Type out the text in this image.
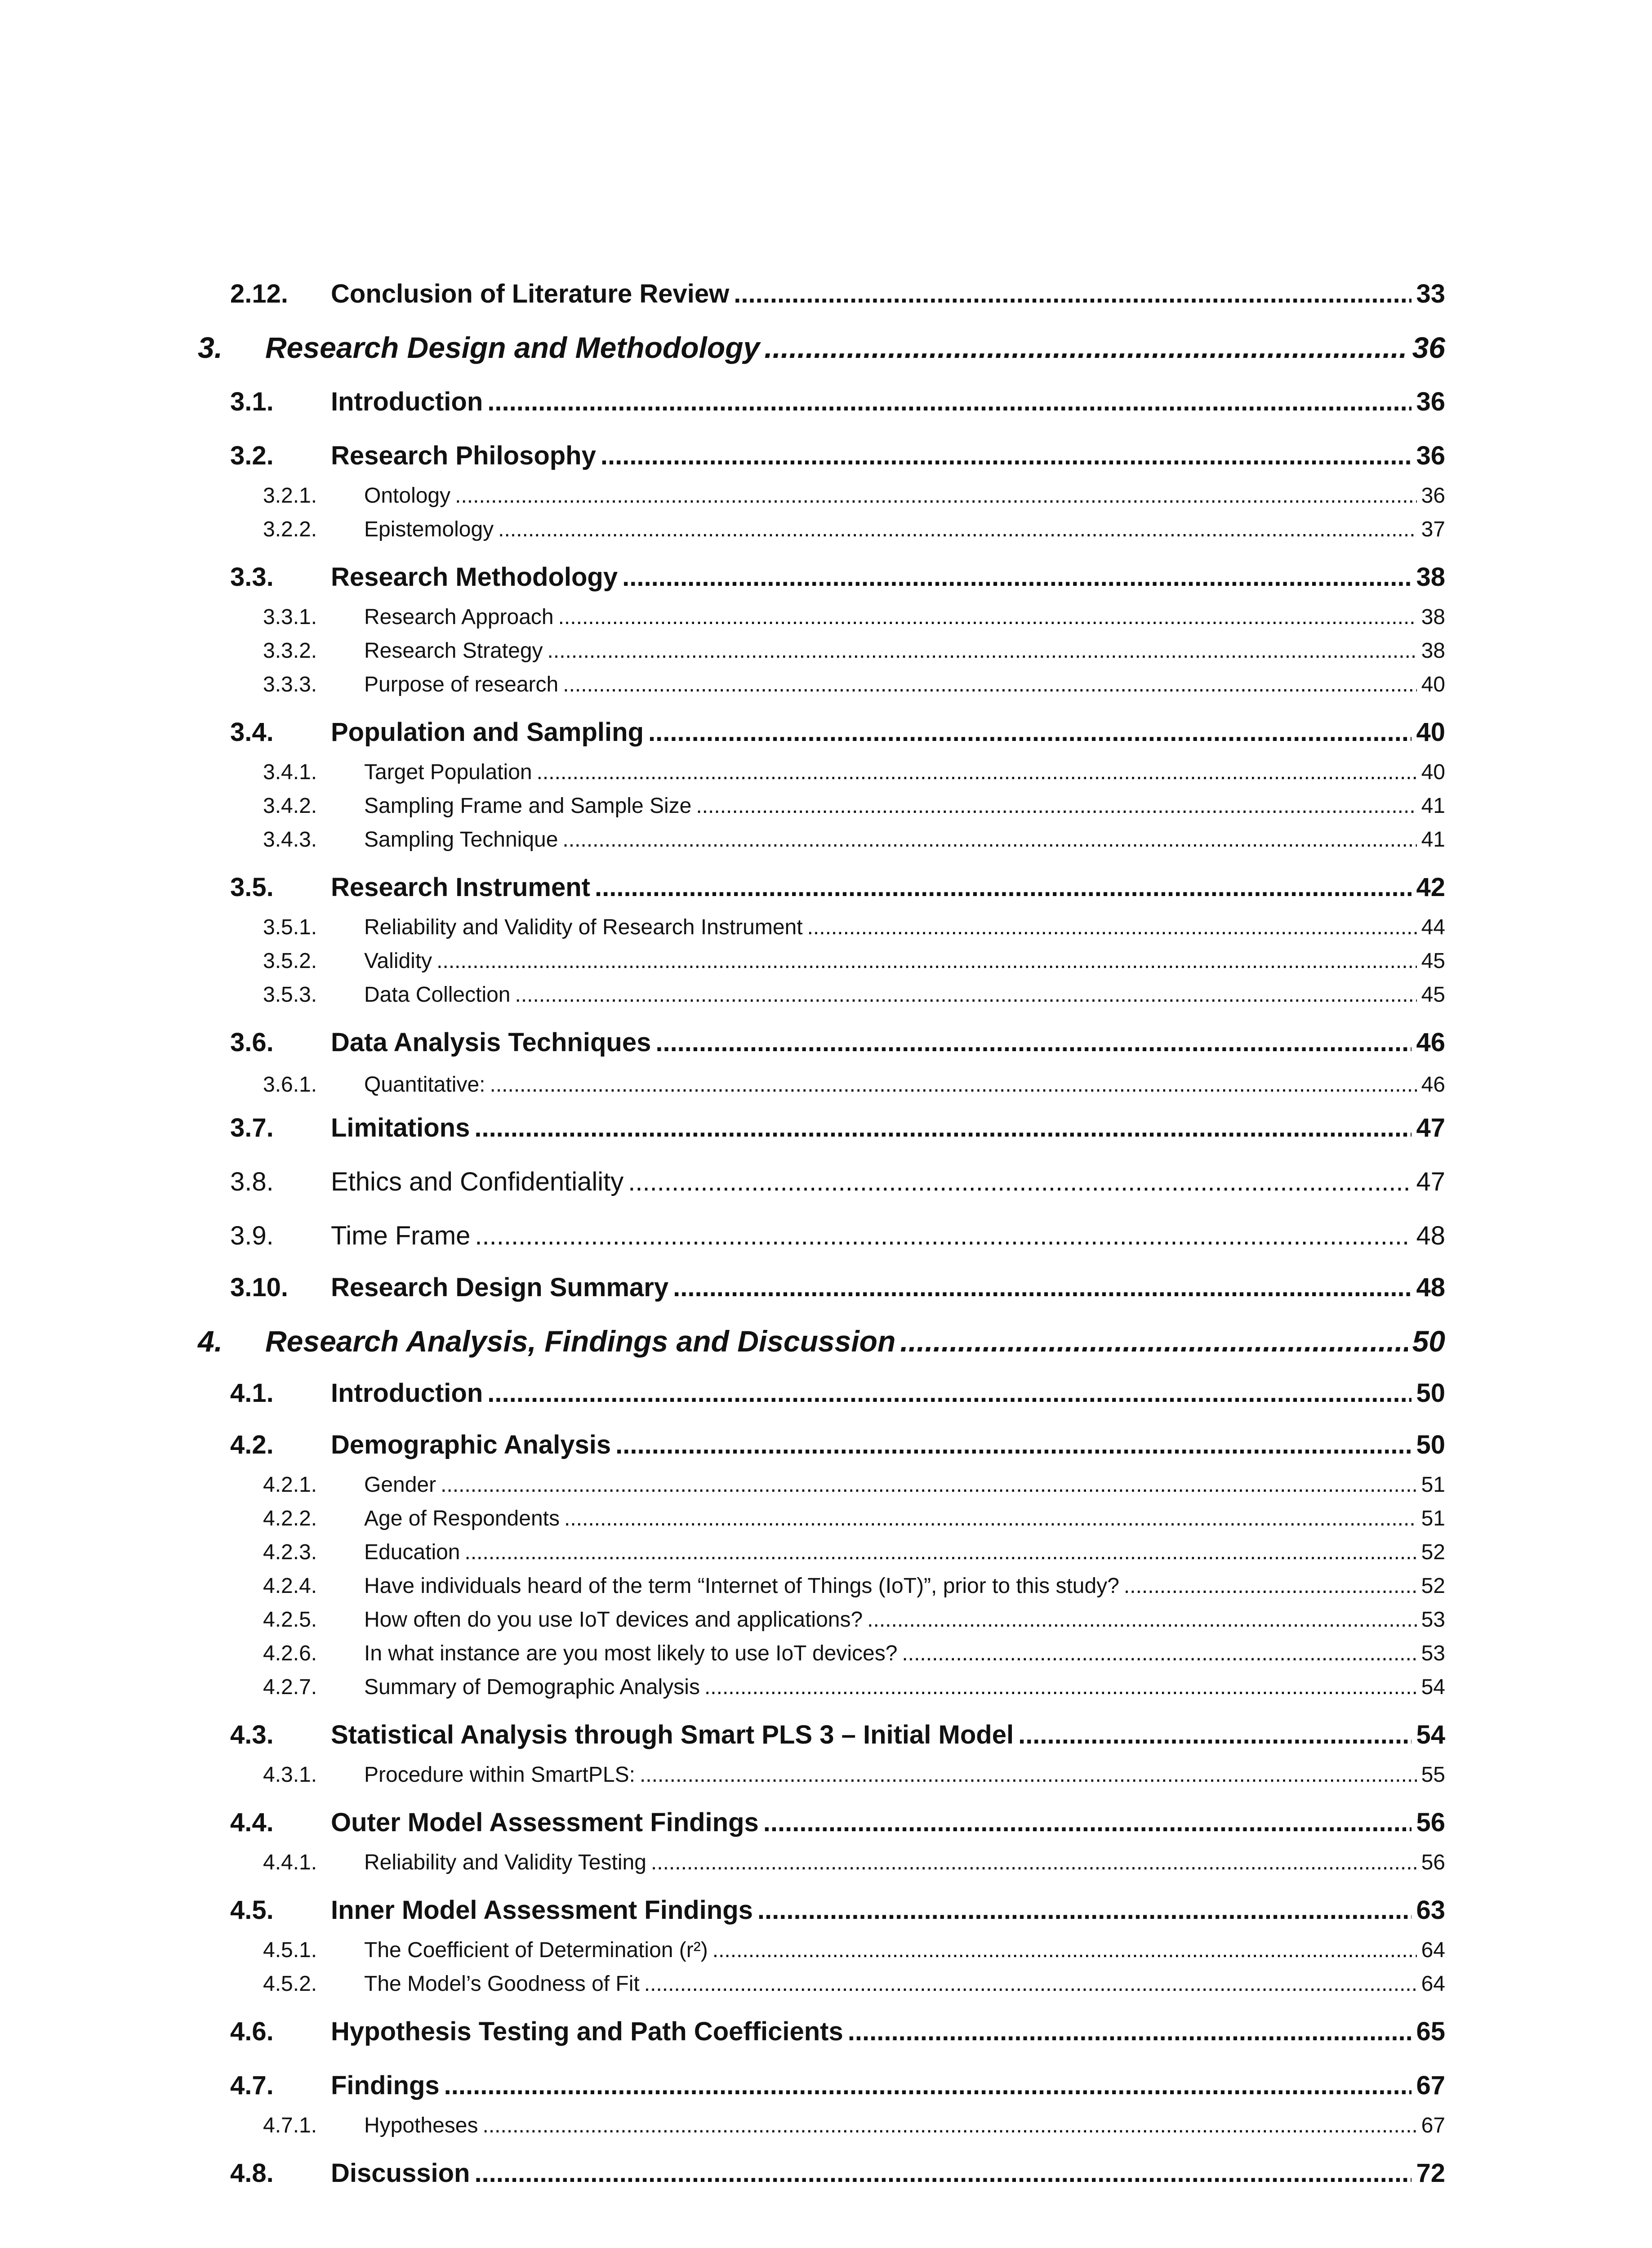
2.12.	Conclusion of Literature Review .....	33
3.	Research Design and Methodology .....	36
3.1.	Introduction .....	36
3.2.	Research Philosophy .....	36
3.2.1.	Ontology .....	36
3.2.2.	Epistemology .....	37
3.3.	Research Methodology .....	38
3.3.1.	Research Approach .....	38
3.3.2.	Research Strategy .....	38
3.3.3.	Purpose of research .....	40
3.4.	Population and Sampling .....	40
3.4.1.	Target Population .....	40
3.4.2.	Sampling Frame and Sample Size .....	41
3.4.3.	Sampling Technique .....	41
3.5.	Research Instrument .....	42
3.5.1.	Reliability and Validity of Research Instrument .....	44
3.5.2.	Validity .....	45
3.5.3.	Data Collection .....	45
3.6.	Data Analysis Techniques .....	46
3.6.1.	Quantitative: .....	46
3.7.	Limitations .....	47
3.8.	Ethics and Confidentiality .....	47
3.9.	Time Frame .....	48
3.10.	Research Design Summary .....	48
4.	Research Analysis, Findings and Discussion .....	50
4.1.	Introduction .....	50
4.2.	Demographic Analysis .....	50
4.2.1.	Gender .....	51
4.2.2.	Age of Respondents .....	51
4.2.3.	Education .....	52
4.2.4.	Have individuals heard of the term “Internet of Things (IoT)”, prior to this study? .....	52
4.2.5.	How often do you use IoT devices and applications? .....	53
4.2.6.	In what instance are you most likely to use IoT devices? .....	53
4.2.7.	Summary of Demographic Analysis .....	54
4.3.	Statistical Analysis through Smart PLS 3 – Initial Model .....	54
4.3.1.	Procedure within SmartPLS: .....	55
4.4.	Outer Model Assessment Findings .....	56
4.4.1.	Reliability and Validity Testing .....	56
4.5.	Inner Model Assessment Findings .....	63
4.5.1.	The Coefficient of Determination (r²) .....	64
4.5.2.	The Model’s Goodness of Fit .....	64
4.6.	Hypothesis Testing and Path Coefficients .....	65
4.7.	Findings .....	67
4.7.1.	Hypotheses .....	67
4.8.	Discussion .....	72
